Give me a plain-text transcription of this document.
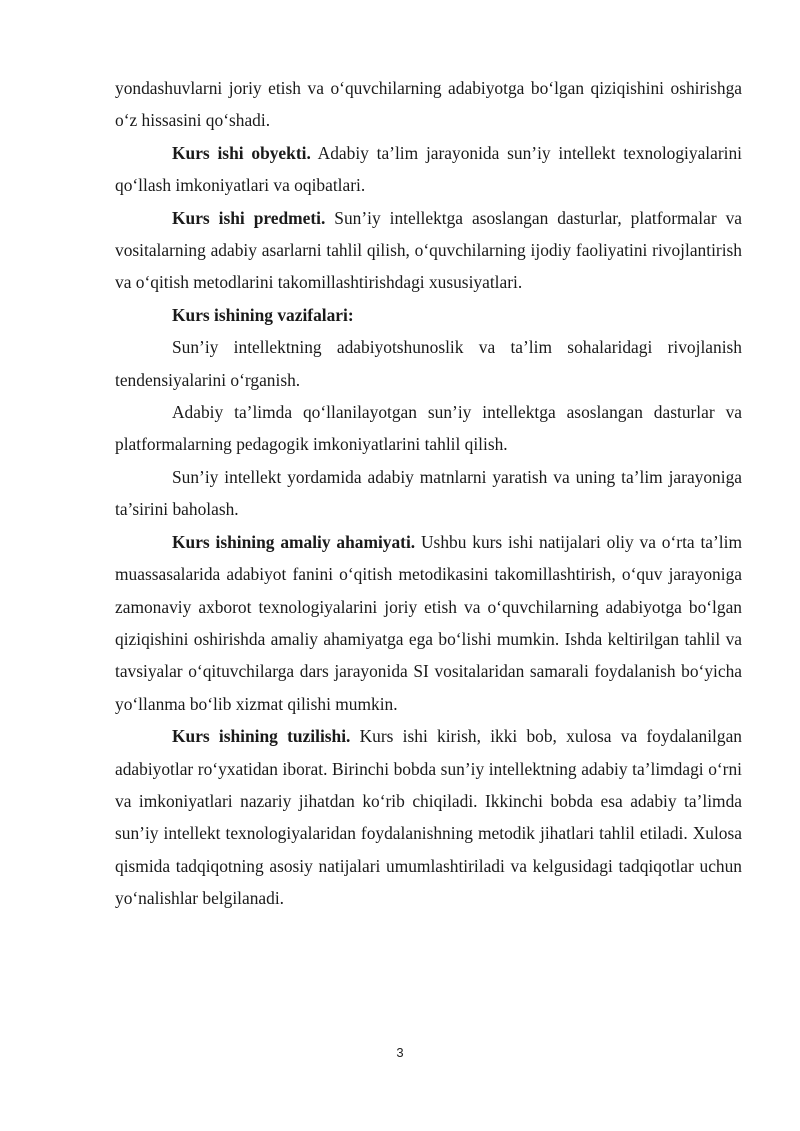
yondashuvlarni joriy etish va o‘quvchilarning adabiyotga bo‘lgan qiziqishini oshirishga o‘z hissasini qo‘shadi.

Kurs ishi obyekti. Adabiy ta’lim jarayonida sun’iy intellekt texnologiyalarini qo‘llash imkoniyatlari va oqibatlari.

Kurs ishi predmeti. Sun’iy intellektga asoslangan dasturlar, platformalar va vositalarning adabiy asarlarni tahlil qilish, o‘quvchilarning ijodiy faoliyatini rivojlantirish va o‘qitish metodlarini takomillashtirishdagi xususiyatlari.

Kurs ishining vazifalari:

Sun’iy intellektning adabiyotshunoslik va ta’lim sohalaridagi rivojlanish tendensiyalarini o‘rganish.

Adabiy ta’limda qo‘llanilayotgan sun’iy intellektga asoslangan dasturlar va platformalarning pedagogik imkoniyatlarini tahlil qilish.

Sun’iy intellekt yordamida adabiy matnlarni yaratish va uning ta’lim jarayoniga ta’sirini baholash.

Kurs ishining amaliy ahamiyati. Ushbu kurs ishi natijalari oliy va o‘rta ta’lim muassasalarida adabiyot fanini o‘qitish metodikasini takomillashtirish, o‘quv jarayoniga zamonaviy axborot texnologiyalarini joriy etish va o‘quvchilarning adabiyotga bo‘lgan qiziqishini oshirishda amaliy ahamiyatga ega bo‘lishi mumkin. Ishda keltirilgan tahlil va tavsiyalar o‘qituvchilarga dars jarayonida SI vositalaridan samarali foydalanish bo‘yicha yo‘llanma bo‘lib xizmat qilishi mumkin.

Kurs ishining tuzilishi. Kurs ishi kirish, ikki bob, xulosa va foydalanilgan adabiyotlar ro‘yxatidan iborat. Birinchi bobda sun’iy intellektning adabiy ta’limdagi o‘rni va imkoniyatlari nazariy jihatdan ko‘rib chiqiladi. Ikkinchi bobda esa adabiy ta’limda sun’iy intellekt texnologiyalaridan foydalanishning metodik jihatlari tahlil etiladi. Xulosa qismida tadqiqotning asosiy natijalari umumlashtiriladi va kelgusidagi tadqiqotlar uchun yo‘nalishlar belgilanadi.

3
